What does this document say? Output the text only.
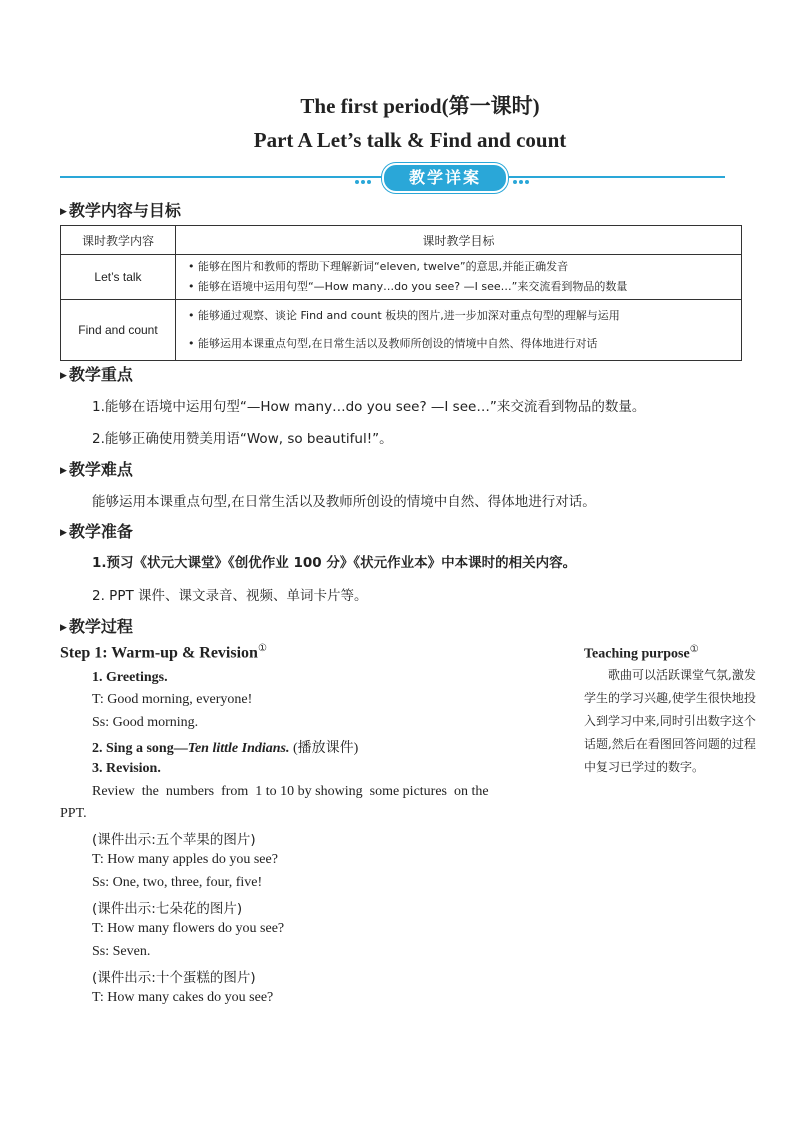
The first period(第一课时)
Part A Let’s talk & Find and count
教学详案
▶ 教学内容与目标
课时教学内容	课时教学目标
Let’s talk	• 能够在图片和教师的帮助下理解新词“eleven, twelve”的意思,并能正确发音
• 能够在语境中运用句型“—How many…do you see? —I see…”来交流看到物品的数量

Find and count	• 能够通过观察、谈论 Find and count 板块的图片,进一步加深对重点句型的理解与运用
• 能够运用本课重点句型,在日常生活以及教师所创设的情境中自然、得体地进行对话
▶ 教学重点
1.能够在语境中运用句型“—How many…do you see? —I see…”来交流看到物品的数量。
2.能够正确使用赞美用语“Wow, so beautiful!”。
▶ 教学难点
能够运用本课重点句型,在日常生活以及教师所创设的情境中自然、得体地进行对话。
▶ 教学准备
1.预习《状元大课堂》《创优作业 100 分》《状元作业本》中本课时的相关内容。
2. PPT 课件、课文录音、视频、单词卡片等。
▶ 教学过程
Step 1: Warm-up & Revision①
1. Greetings.
T: Good morning, everyone!
Ss: Good morning.
2. Sing a song—Ten little Indians. (播放课件)
3. Revision.
Review  the  numbers  from  1 to 10 by showing  some pictures  on the
PPT.
(课件出示:五个苹果的图片)
T: How many apples do you see?
Ss: One, two, three, four, five!
(课件出示:七朵花的图片)
T: How many flowers do you see?
Ss: Seven.
(课件出示:十个蛋糕的图片)
T: How many cakes do you see?
Teaching purpose①
歌曲可以活跃课堂气氛,激发学生的学习兴趣,使学生很快地投入到学习中来,同时引出数字这个话题,然后在看图回答问题的过程中复习已学过的数字。
